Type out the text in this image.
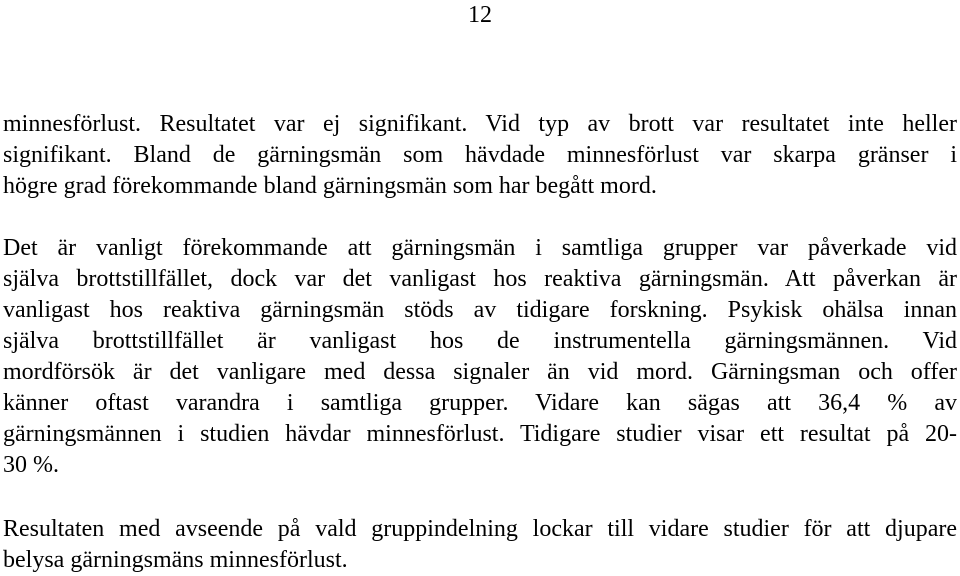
12
minnesförlust. Resultatet var ej signifikant. Vid typ av brott var resultatet inte heller
signifikant. Bland de gärningsmän som hävdade minnesförlust var skarpa gränser i
högre grad förekommande bland gärningsmän som har begått mord.
Det är vanligt förekommande att gärningsmän i samtliga grupper var påverkade vid
själva brottstillfället, dock var det vanligast hos reaktiva gärningsmän. Att påverkan är
vanligast hos reaktiva gärningsmän stöds av tidigare forskning. Psykisk ohälsa innan
själva brottstillfället är vanligast hos de instrumentella gärningsmännen. Vid
mordförsök är det vanligare med dessa signaler än vid mord. Gärningsman och offer
känner oftast varandra i samtliga grupper. Vidare kan sägas att 36,4 % av
gärningsmännen i studien hävdar minnesförlust. Tidigare studier visar ett resultat på 20-
30 %.
Resultaten med avseende på vald gruppindelning lockar till vidare studier för att djupare
belysa gärningsmäns minnesförlust.
